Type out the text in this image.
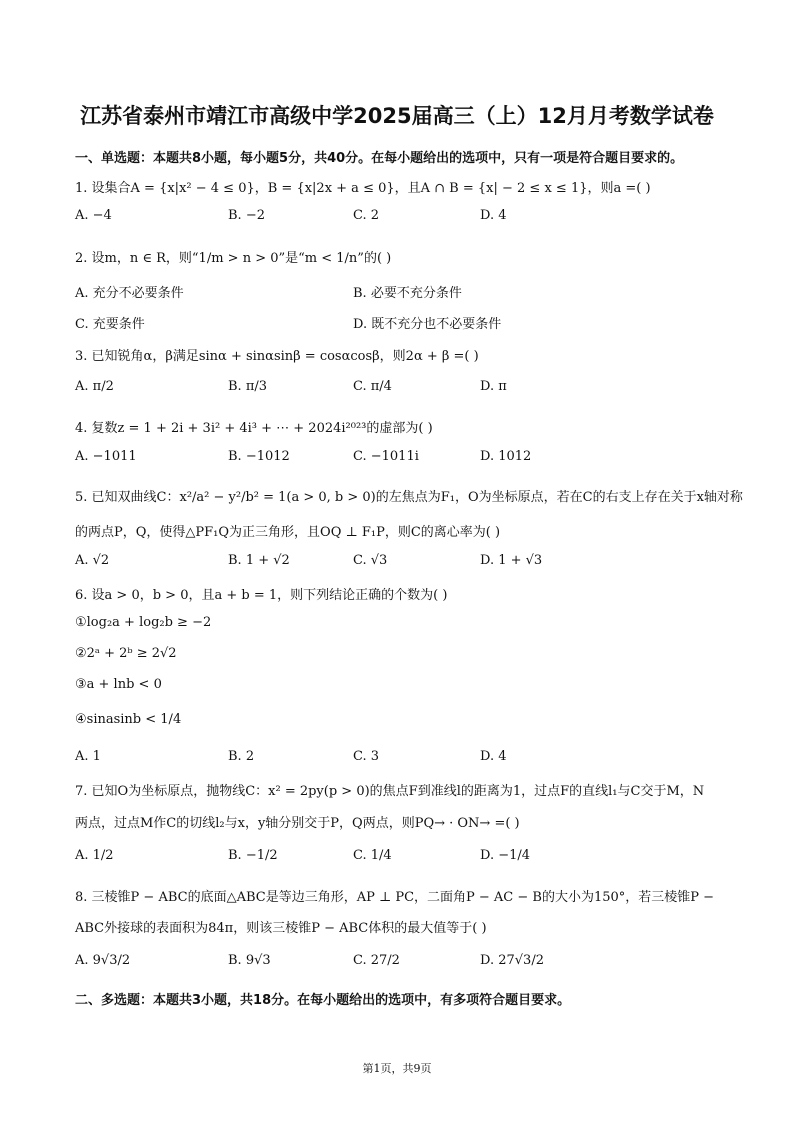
江苏省泰州市靖江市高级中学2025届高三（上）12月月考数学试卷
一、单选题：本题共8小题，每小题5分，共40分。在每小题给出的选项中，只有一项是符合题目要求的。
1. 设集合A = {x|x² − 4 ≤ 0}，B = {x|2x + a ≤ 0}，且A ∩ B = {x| − 2 ≤ x ≤ 1}，则a =( )
A. −4	B. −2	C. 2	D. 4
2. 设m，n ∈ R，则“1/m > n > 0”是“m < 1/n”的( )
A. 充分不必要条件	B. 必要不充分条件
C. 充要条件	D. 既不充分也不必要条件
3. 已知锐角α，β满足sinα + sinαsinβ = cosαcosβ，则2α + β =( )
A. π/2	B. π/3	C. π/4	D. π
4. 复数z = 1 + 2i + 3i² + 4i³ + ⋯ + 2024i²⁰²³的虚部为( )
A. −1011	B. −1012	C. −1011i	D. 1012
5. 已知双曲线C：x²/a² − y²/b² = 1(a > 0, b > 0)的左焦点为F₁，O为坐标原点，若在C的右支上存在关于x轴对称
的两点P，Q，使得△PF₁Q为正三角形，且OQ ⊥ F₁P，则C的离心率为( )
A. √2	B. 1 + √2	C. √3	D. 1 + √3
6. 设a > 0，b > 0，且a + b = 1，则下列结论正确的个数为( )
①log₂a + log₂b ≥ −2
②2ᵃ + 2ᵇ ≥ 2√2
③a + lnb < 0
④sinasinb < 1/4
A. 1	B. 2	C. 3	D. 4
7. 已知O为坐标原点，抛物线C：x² = 2py(p > 0)的焦点F到准线l的距离为1，过点F的直线l₁与C交于M，N
两点，过点M作C的切线l₂与x，y轴分别交于P，Q两点，则PQ→ · ON→ =( )
A. 1/2	B. −1/2	C. 1/4	D. −1/4
8. 三棱锥P − ABC的底面△ABC是等边三角形，AP ⊥ PC，二面角P − AC − B的大小为150°，若三棱锥P −
ABC外接球的表面积为84π，则该三棱锥P − ABC体积的最大值等于( )
A. 9√3/2	B. 9√3	C. 27/2	D. 27√3/2
二、多选题：本题共3小题，共18分。在每小题给出的选项中，有多项符合题目要求。
第1页，共9页
